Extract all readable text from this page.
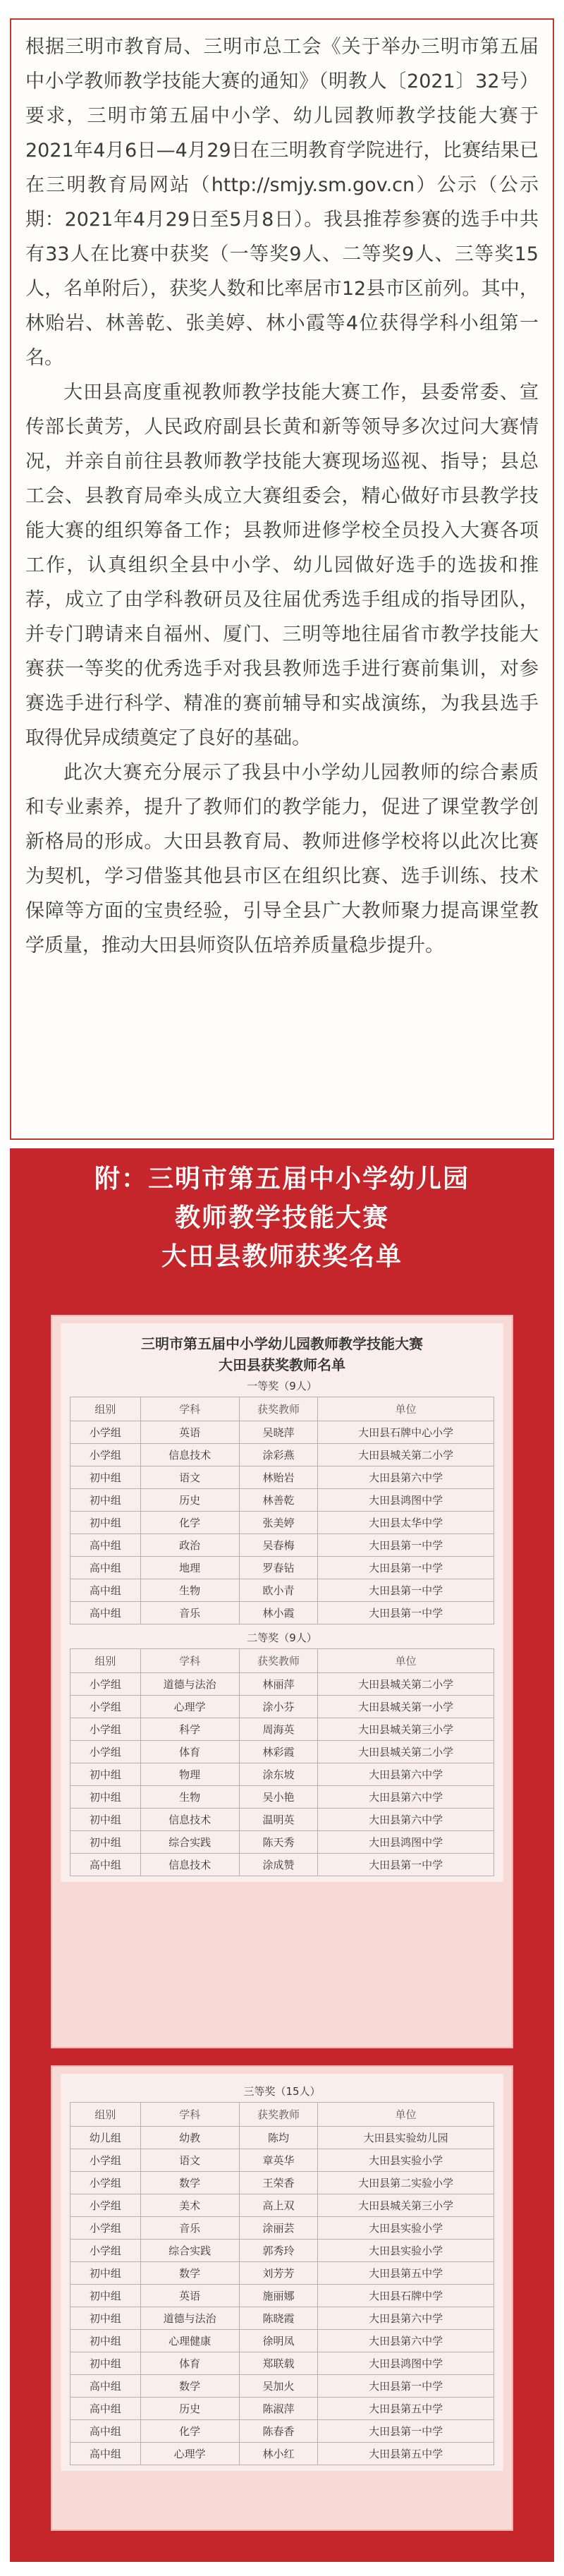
根据三明市教育局、三明市总工会《关于举办三明市第五届中小学教师教学技能大赛的通知》（明教人〔2021〕32号）要求，三明市第五届中小学、幼儿园教师教学技能大赛于2021年4月6日—4月29日在三明教育学院进行，比赛结果已在三明教育局网站（http://smjy.sm.gov.cn）公示（公示期：2021年4月29日至5月8日）。我县推荐参赛的选手中共有33人在比赛中获奖（一等奖9人、二等奖9人、三等奖15人，名单附后），获奖人数和比率居市12县市区前列。其中，林贻岩、林善乾、张美婷、林小霞等4位获得学科小组第一名。

大田县高度重视教师教学技能大赛工作，县委常委、宣传部长黄芳，人民政府副县长黄和新等领导多次过问大赛情况，并亲自前往县教师教学技能大赛现场巡视、指导；县总工会、县教育局牵头成立大赛组委会，精心做好市县教学技能大赛的组织筹备工作；县教师进修学校全员投入大赛各项工作，认真组织全县中小学、幼儿园做好选手的选拔和推荐，成立了由学科教研员及往届优秀选手组成的指导团队，并专门聘请来自福州、厦门、三明等地往届省市教学技能大赛获一等奖的优秀选手对我县教师选手进行赛前集训，对参赛选手进行科学、精准的赛前辅导和实战演练，为我县选手取得优异成绩奠定了良好的基础。

此次大赛充分展示了我县中小学幼儿园教师的综合素质和专业素养，提升了教师们的教学能力，促进了课堂教学创新格局的形成。大田县教育局、教师进修学校将以此次比赛为契机，学习借鉴其他县市区在组织比赛、选手训练、技术保障等方面的宝贵经验，引导全县广大教师聚力提高课堂教学质量，推动大田县师资队伍培养质量稳步提升。

附：三明市第五届中小学幼儿园
教师教学技能大赛
大田县教师获奖名单
三明市第五届中小学幼儿园教师教学技能大赛
大田县获奖教师名单
一等奖（9人）
组别	学科	获奖教师	单位
小学组	英语	吴晓萍	大田县石牌中心小学
小学组	信息技术	涂彩燕	大田县城关第二小学
初中组	语文	林贻岩	大田县第六中学
初中组	历史	林善乾	大田县鸿图中学
初中组	化学	张美婷	大田县太华中学
高中组	政治	吴春梅	大田县第一中学
高中组	地理	罗春钻	大田县第一中学
高中组	生物	欧小青	大田县第一中学
高中组	音乐	林小霞	大田县第一中学
二等奖（9人）
组别	学科	获奖教师	单位
小学组	道德与法治	林丽萍	大田县城关第二小学
小学组	心理学	涂小芬	大田县城关第一小学
小学组	科学	周海英	大田县城关第三小学
小学组	体育	林彩霞	大田县城关第二小学
初中组	物理	涂东坡	大田县第六中学
初中组	生物	吴小艳	大田县第六中学
初中组	信息技术	温明英	大田县第六中学
初中组	综合实践	陈天秀	大田县鸿图中学
高中组	信息技术	涂成赞	大田县第一中学
三等奖（15人）
组别	学科	获奖教师	单位
幼儿组	幼教	陈均	大田县实验幼儿园
小学组	语文	章英华	大田县实验小学
小学组	数学	王荣香	大田县第二实验小学
小学组	美术	高上双	大田县城关第三小学
小学组	音乐	涂丽芸	大田县实验小学
小学组	综合实践	郭秀玲	大田县实验小学
初中组	数学	刘芳芳	大田县第五中学
初中组	英语	施丽娜	大田县石牌中学
初中组	道德与法治	陈晓霞	大田县第六中学
初中组	心理健康	徐明凤	大田县第六中学
初中组	体育	郑联载	大田县鸿图中学
高中组	数学	吴加火	大田县第一中学
高中组	历史	陈淑萍	大田县第五中学
高中组	化学	陈春香	大田县第一中学
高中组	心理学	林小红	大田县第五中学
